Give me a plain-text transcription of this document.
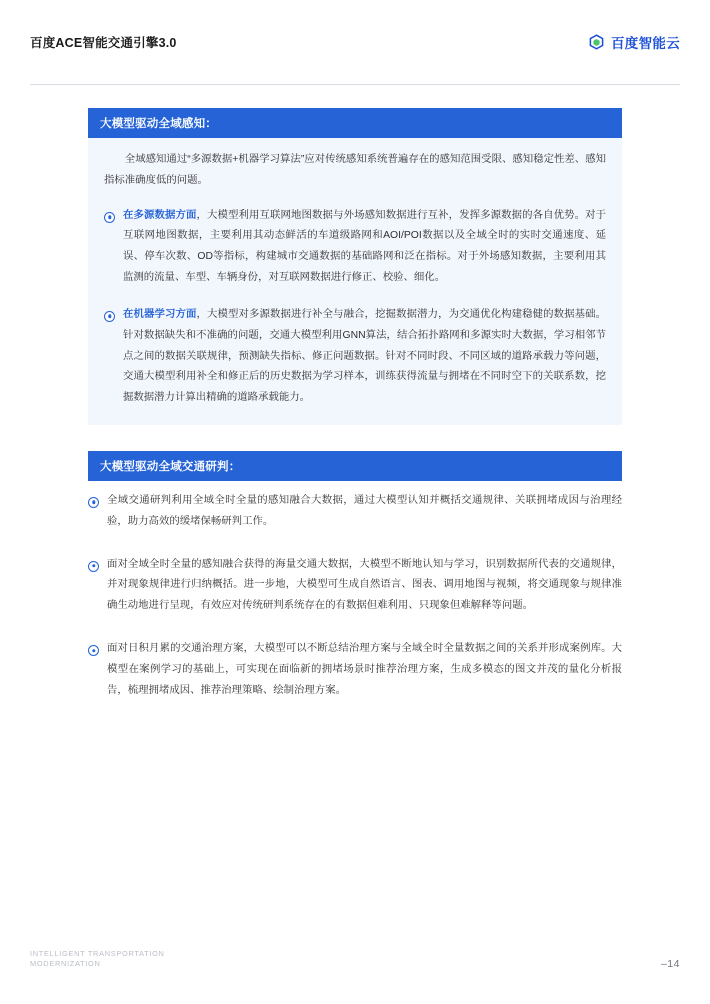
百度ACE智能交通引擎3.0	百度智能云
大模型驱动全域感知：

全域感知通过“多源数据+机器学习算法”应对传统感知系统普遍存在的感知范围受限、感知稳定性差、感知指标准确度低的问题。

在多源数据方面，大模型利用互联网地图数据与外场感知数据进行互补，发挥多源数据的各自优势。对于互联网地图数据，主要利用其动态鲜活的车道级路网和AOI/POI数据以及全域全时的实时交通速度、延误、停车次数、OD等指标，构建城市交通数据的基础路网和泛在指标。对于外场感知数据，主要利用其监测的流量、车型、车辆身份，对互联网数据进行修正、校验、细化。
在机器学习方面，大模型对多源数据进行补全与融合，挖掘数据潜力，为交通优化构建稳健的数据基础。针对数据缺失和不准确的问题，交通大模型利用GNN算法，结合拓扑路网和多源实时大数据，学习相邻节点之间的数据关联规律，预测缺失指标、修正问题数据。针对不同时段、不同区域的道路承载力等问题，交通大模型利用补全和修正后的历史数据为学习样本，训练获得流量与拥堵在不同时空下的关联系数，挖掘数据潜力计算出精确的道路承载能力。
大模型驱动全域交通研判：
全域交通研判利用全域全时全量的感知融合大数据，通过大模型认知并概括交通规律、关联拥堵成因与治理经验，助力高效的缓堵保畅研判工作。
面对全域全时全量的感知融合获得的海量交通大数据，大模型不断地认知与学习，识别数据所代表的交通规律，并对现象规律进行归纳概括。进一步地，大模型可生成自然语言、图表、调用地图与视频，将交通现象与规律准确生动地进行呈现，有效应对传统研判系统存在的有数据但难利用、只现象但难解释等问题。
面对日积月累的交通治理方案，大模型可以不断总结治理方案与全域全时全量数据之间的关系并形成案例库。大模型在案例学习的基础上，可实现在面临新的拥堵场景时推荐治理方案，生成多模态的图文并茂的量化分析报告，梳理拥堵成因、推荐治理策略、绘制治理方案。
INTELLIGENT TRANSPORTATION
MODERNIZATION	–14
